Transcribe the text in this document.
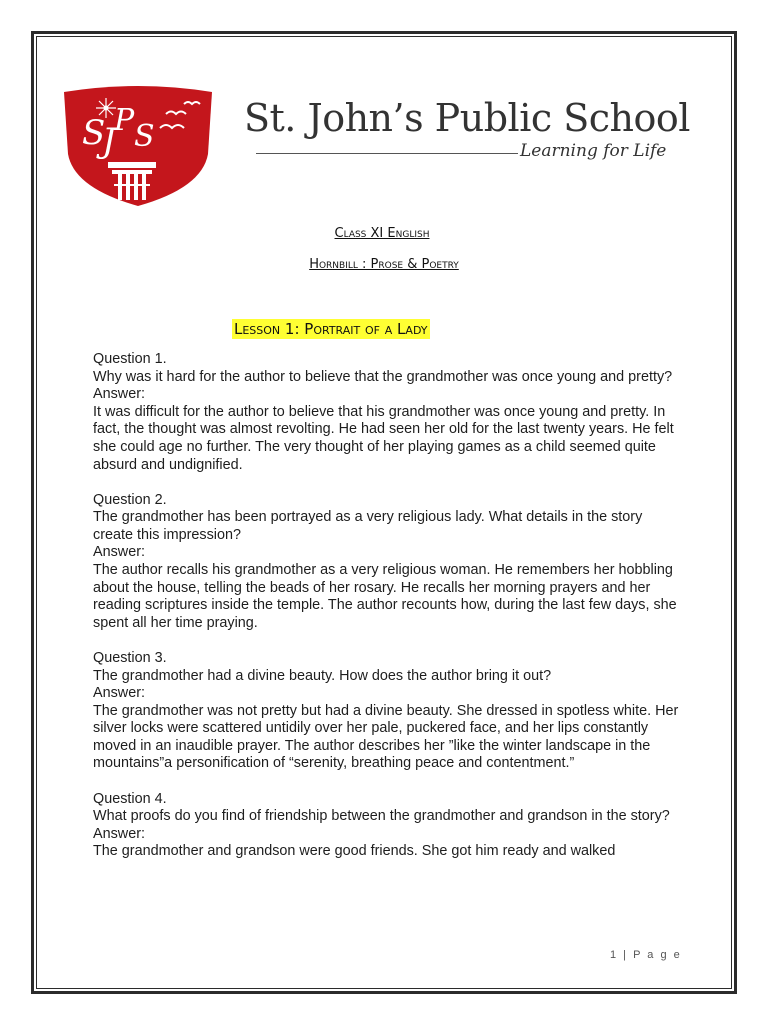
S
J
P S St. John’s Public School
Learning for Life
Class XI English
Hornbill : Prose & Poetry
Lesson 1: Portrait of a Lady

Question 1.

Why was it hard for the author to believe that the grandmother was once young and pretty?

Answer:

It was difficult for the author to believe that his grandmother was once young and pretty. In fact, the thought was almost revolting. He had seen her old for the last twenty years. He felt she could age no further. The very thought of her playing games as a child seemed quite absurd and undignified.

Question 2.

The grandmother has been portrayed as a very religious lady. What details in the story create this impression?

Answer:

The author recalls his grandmother as a very religious woman. He remembers her hobbling about the house, telling the beads of her rosary. He recalls her morning prayers and her reading scriptures inside the temple. The author recounts how, during the last few days, she spent all her time praying.

Question 3.

The grandmother had a divine beauty. How does the author bring it out?

Answer:

The grandmother was not pretty but had a divine beauty. She dressed in spotless white. Her silver locks were scattered untidily over her pale, puckered face, and her lips constantly moved in an inaudible prayer. The author describes her ”like the winter landscape in the mountains”a personification of “serenity, breathing peace and contentment.”

Question 4.

What proofs do you find of friendship between the grandmother and grandson in the story?

Answer:

The grandmother and grandson were good friends. She got him ready and walked

1 | P a g e
